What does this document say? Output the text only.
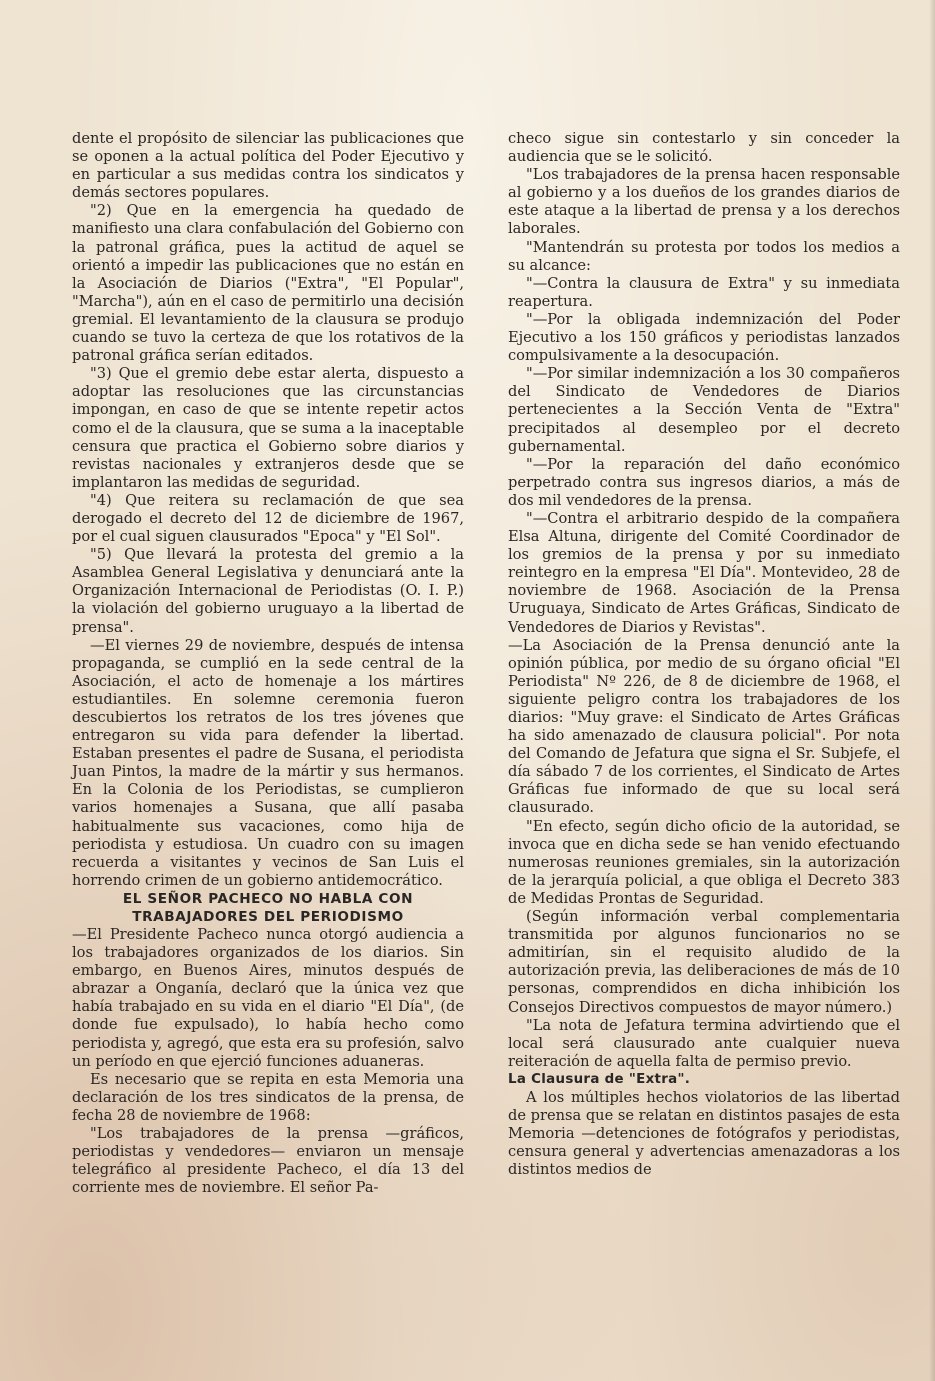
dente el propósito de silenciar las publicaciones que se oponen a la actual política del Poder Ejecutivo y en particular a sus medidas contra los sindicatos y demás sectores populares.

"2) Que en la emergencia ha quedado de manifiesto una clara confabulación del Gobierno con la patronal gráfica, pues la actitud de aquel se orientó a impedir las publicaciones que no están en la Asociación de Diarios ("Extra", "El Popular", "Marcha"), aún en el caso de permitirlo una decisión gremial. El levantamiento de la clausura se produjo cuando se tuvo la certeza de que los rotativos de la patronal gráfica serían editados.

"3) Que el gremio debe estar alerta, dispuesto a adoptar las resoluciones que las circunstancias impongan, en caso de que se intente repetir actos como el de la clausura, que se suma a la inaceptable censura que practica el Gobierno sobre diarios y revistas nacionales y extranjeros desde que se implantaron las medidas de seguridad.

"4) Que reitera su reclamación de que sea derogado el decreto del 12 de diciembre de 1967, por el cual siguen clausurados "Epoca" y "El Sol".

"5) Que llevará la protesta del gremio a la Asamblea General Legislativa y denunciará ante la Organización Internacional de Periodistas (O. I. P.) la violación del gobierno uruguayo a la libertad de prensa".

—El viernes 29 de noviembre, después de intensa propaganda, se cumplió en la sede central de la Asociación, el acto de homenaje a los mártires estudiantiles. En solemne ceremonia fueron descubiertos los retratos de los tres jóvenes que entregaron su vida para defender la libertad. Estaban presentes el padre de Susana, el periodista Juan Pintos, la madre de la mártir y sus hermanos. En la Colonia de los Periodistas, se cumplieron varios homenajes a Susana, que allí pasaba habitualmente sus vacaciones, como hija de periodista y estudiosa. Un cuadro con su imagen recuerda a visitantes y vecinos de San Luis el horrendo crimen de un gobierno antidemocrático.

EL SEÑOR PACHECO NO HABLA CON

TRABAJADORES DEL PERIODISMO

—El Presidente Pacheco nunca otorgó audiencia a los trabajadores organizados de los diarios. Sin embargo, en Buenos Aires, minutos después de abrazar a Onganía, declaró que la única vez que había trabajado en su vida en el diario "El Día", (de donde fue expulsado), lo había hecho como periodista y, agregó, que esta era su profesión, salvo un período en que ejerció funciones aduaneras.

Es necesario que se repita en esta Memoria una declaración de los tres sindicatos de la prensa, de fecha 28 de noviembre de 1968:

"Los trabajadores de la prensa —gráficos, periodistas y vendedores— enviaron un mensaje telegráfico al presidente Pacheco, el día 13 del corriente mes de noviembre. El señor Pa-

checo sigue sin contestarlo y sin conceder la audiencia que se le solicitó.

"Los trabajadores de la prensa hacen responsable al gobierno y a los dueños de los grandes diarios de este ataque a la libertad de prensa y a los derechos laborales.

"Mantendrán su protesta por todos los medios a su alcance:

"—Contra la clausura de Extra" y su inmediata reapertura.

"—Por la obligada indemnización del Poder Ejecutivo a los 150 gráficos y periodistas lanzados compulsivamente a la desocupación.

"—Por similar indemnización a los 30 compañeros del Sindicato de Vendedores de Diarios pertenecientes a la Sección Venta de "Extra" precipitados al desempleo por el decreto gubernamental.

"—Por la reparación del daño económico perpetrado contra sus ingresos diarios, a más de dos mil vendedores de la prensa.

"—Contra el arbitrario despido de la compañera Elsa Altuna, dirigente del Comité Coordinador de los gremios de la prensa y por su inmediato reintegro en la empresa "El Día". Montevideo, 28 de noviembre de 1968. Asociación de la Prensa Uruguaya, Sindicato de Artes Gráficas, Sindicato de Vendedores de Diarios y Revistas".

—La Asociación de la Prensa denunció ante la opinión pública, por medio de su órgano oficial "El Periodista" Nº 226, de 8 de diciembre de 1968, el siguiente peligro contra los trabajadores de los diarios: "Muy grave: el Sindicato de Artes Gráficas ha sido amenazado de clausura policial". Por nota del Comando de Jefatura que signa el Sr. Subjefe, el día sábado 7 de los corrientes, el Sindicato de Artes Gráficas fue informado de que su local será clausurado.

"En efecto, según dicho oficio de la autoridad, se invoca que en dicha sede se han venido efectuando numerosas reuniones gremiales, sin la autorización de la jerarquía policial, a que obliga el Decreto 383 de Medidas Prontas de Seguridad.

(Según información verbal complementaria transmitida por algunos funcionarios no se admitirían, sin el requisito aludido de la autorización previa, las deliberaciones de más de 10 personas, comprendidos en dicha inhibición los Consejos Directivos compuestos de mayor número.)

"La nota de Jefatura termina advirtiendo que el local será clausurado ante cualquier nueva reiteración de aquella falta de permiso previo.

La Clausura de "Extra".

A los múltiples hechos violatorios de las libertad de prensa que se relatan en distintos pasajes de esta Memoria —detenciones de fotógrafos y periodistas, censura general y advertencias amenazadoras a los distintos medios de
